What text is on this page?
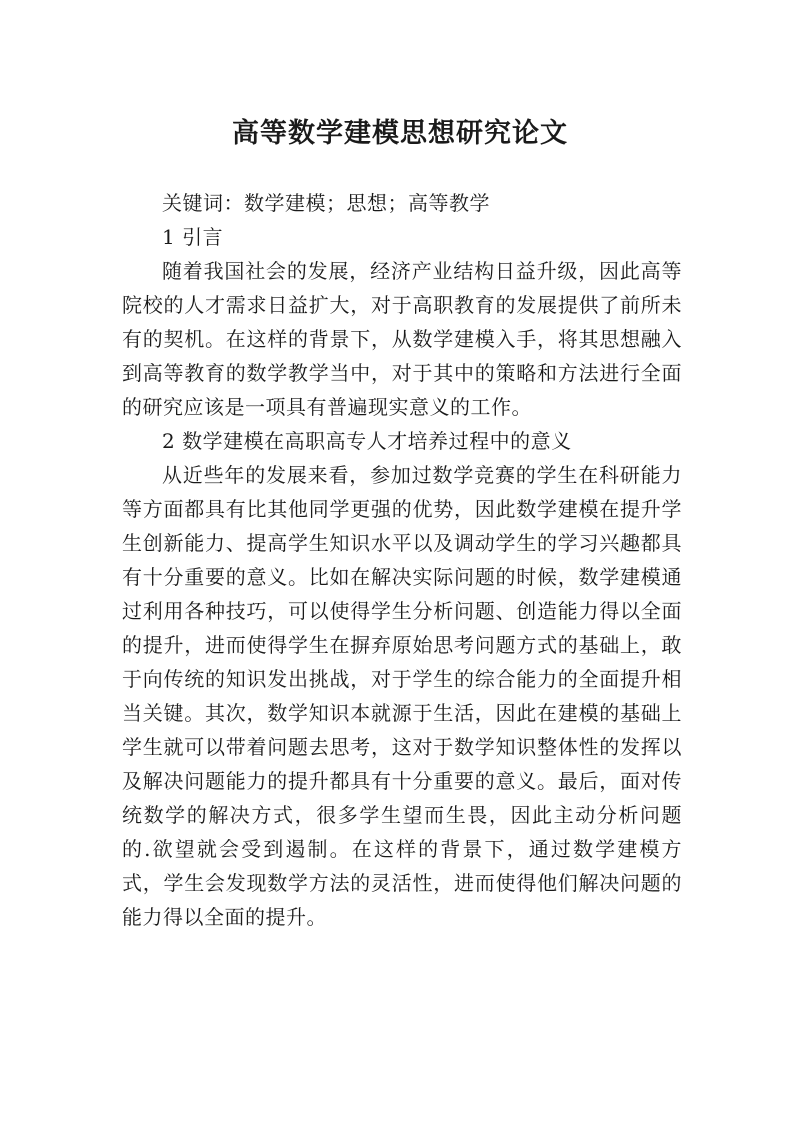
高等数学建模思想研究论文

关键词：数学建模；思想；高等教学

1 引言

随着我国社会的发展，经济产业结构日益升级，因此高等院校的人才需求日益扩大，对于高职教育的发展提供了前所未有的契机。在这样的背景下，从数学建模入手，将其思想融入到高等教育的数学教学当中，对于其中的策略和方法进行全面的研究应该是一项具有普遍现实意义的工作。

2 数学建模在高职高专人才培养过程中的意义

从近些年的发展来看，参加过数学竞赛的学生在科研能力等方面都具有比其他同学更强的优势，因此数学建模在提升学生创新能力、提高学生知识水平以及调动学生的学习兴趣都具有十分重要的意义。比如在解决实际问题的时候，数学建模通过利用各种技巧，可以使得学生分析问题、创造能力得以全面的提升，进而使得学生在摒弃原始思考问题方式的基础上，敢于向传统的知识发出挑战，对于学生的综合能力的全面提升相当关键。其次，数学知识本就源于生活，因此在建模的基础上学生就可以带着问题去思考，这对于数学知识整体性的发挥以及解决问题能力的提升都具有十分重要的意义。最后，面对传统数学的解决方式，很多学生望而生畏，因此主动分析问题的.欲望就会受到遏制。在这样的背景下，通过数学建模方式，学生会发现数学方法的灵活性，进而使得他们解决问题的能力得以全面的提升。
